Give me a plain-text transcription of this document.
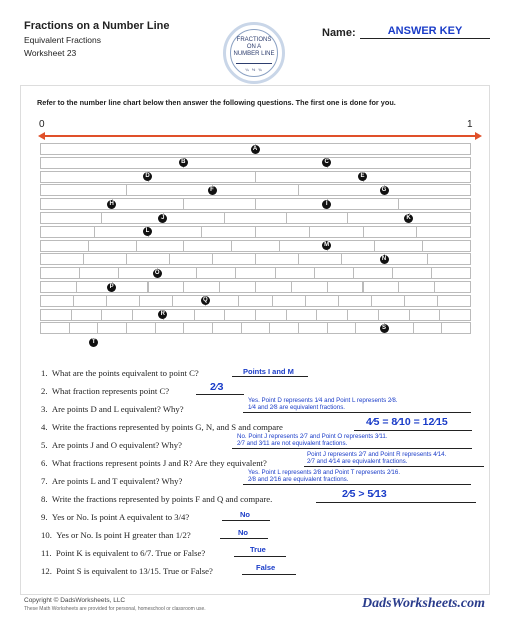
Fractions on a Number Line
Equivalent Fractions
Worksheet 23
FRACTIONS
ON A
NUMBER LINE
¼ ½ ¾
Name:	ANSWER KEY
Refer to the number line chart below then answer the following questions. The first one is done for you.
0	1
A
B	C
D	E
F	G
H	I
J	K
L
M
N
O
P
Q
R
S
T
1. What are the points equivalent to point C?	Points I and M
2. What fraction represents point C?	2⁄3
3. Are points D and L equivalent? Why?
Yes. Point D represents 1⁄4 and Point L represents 2⁄8.
1⁄4 and 2⁄8 are equivalent fractions.
4. Write the fractions represented by points G, N, and S and compare	4⁄5 = 8⁄10 = 12⁄15
5. Are points J and O equivalent? Why?
No. Point J represents 2⁄7 and Point O represents 3⁄11.
2⁄7 and 3⁄11 are not equivalent fractions.
6. What fractions represent points J and R? Are they equivalent?
Point J represents 2⁄7 and Point R represents 4⁄14.
2⁄7 and 4⁄14 are equivalent fractions.
7. Are points L and T equivalent? Why?
Yes. Point L represents 2⁄8 and Point T represents 2⁄16.
2⁄8 and 2⁄16 are equivalent fractions.
8. Write the fractions represented by points F and Q and compare.	2⁄5 > 5⁄13
9. Yes or No. Is point A equivalent to 3/4?	No
10. Yes or No. Is point H greater than 1/2?	No
11. Point K is equivalent to 6/7. True or False?	True
12. Point S is equivalent to 13/15. True or False?	False
Copyright © DadsWorksheets, LLC
These Math Worksheets are provided for personal, homeschool or classroom use.	DadsWorksheets.com
